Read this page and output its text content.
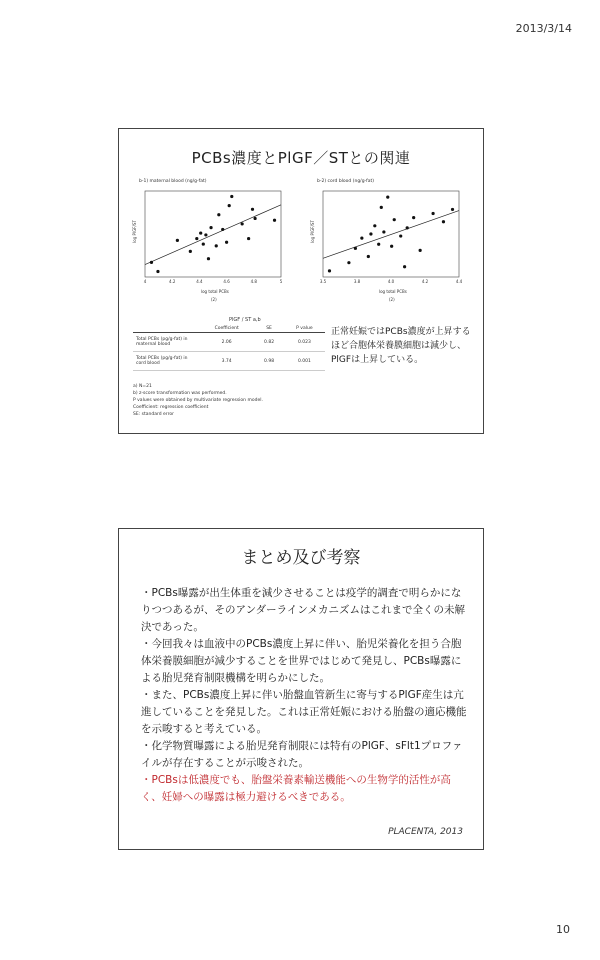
2013/3/14
PCBs濃度とPlGF／STとの関連
b-1) maternal blood (ng/g-fat)
4	4.2	4.4	4.6	4.8	5
log total PCBs
log PlGF/ST
(2)
b-2) cord blood (ng/g-fat)
3.5	3.8	4.0	4.2	4.4
log total PCBs
log PlGF/ST
(2)
PlGF / ST a,b
	Coefficient	SE	P value
Total PCBs (pg/g-fat) in maternal blood	2.06	0.82	0.023
Total PCBs (pg/g-fat) in cord blood	3.74	0.98	0.001
a) N=21
b) z-score transformation was performed.
P values were obtained by multivariate regression model.
Coefficient: regression coefficient
SE: standard error
正常妊娠ではPCBs濃度が上昇するほど合胞体栄養膜細胞は減少し、PlGFは上昇している。
まとめ及び考察
・PCBs曝露が出生体重を減少させることは疫学的調査で明らかになりつつあるが、そのアンダーラインメカニズムはこれまで全くの未解決であった。
・今回我々は血液中のPCBs濃度上昇に伴い、胎児栄養化を担う合胞体栄養膜細胞が減少することを世界ではじめて発見し、PCBs曝露による胎児発育制限機構を明らかにした。
・また、PCBs濃度上昇に伴い胎盤血管新生に寄与するPlGF産生は亢進していることを発見した。これは正常妊娠における胎盤の適応機能を示唆すると考えている。
・化学物質曝露による胎児発育制限には特有のPlGF、sFlt1プロファイルが存在することが示唆された。
・PCBsは低濃度でも、胎盤栄養素輸送機能への生物学的活性が高く、妊婦への曝露は極力避けるべきである。
PLACENTA, 2013
10
